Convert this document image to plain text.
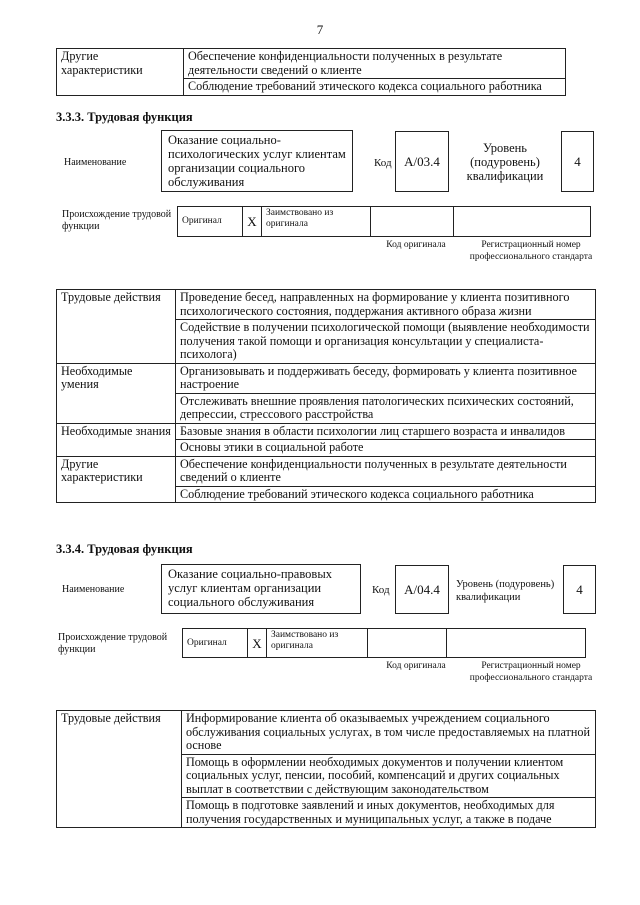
7
Другие характеристики	Обеспечение конфиденциальности полученных в результате деятельности сведений о клиенте
Соблюдение требований этического кодекса социального работника
3.3.3. Трудовая функция
Наименование
Оказание социально-психологических услуг клиентам организации социального обслуживания
Код A/03.4
Уровень (подуровень) квалификации
4
Происхождение трудовой функции	Оригинал	X	Заимствовано из оригинала		
Код оригинала	Регистрационный номер профессионального стандарта
Трудовые действия	Проведение бесед, направленных на формирование у клиента позитивного психологического состояния, поддержания активного образа жизни
	Содействие в получении психологической помощи (выявление необходимости получения такой помощи и организация консультации у специалиста-психолога)
Необходимые умения	Организовывать и поддерживать беседу, формировать у клиента позитивное настроение
	Отслеживать внешние проявления патологических психических состояний, депрессии, стрессового расстройства
Необходимые знания	Базовые знания в области психологии лиц старшего возраста и инвалидов
	Основы этики в социальной работе
Другие характеристики	Обеспечение конфиденциальности полученных в результате деятельности сведений о клиенте
	Соблюдение требований этического кодекса социального работника
3.3.4. Трудовая функция
Наименование
Оказание социально-правовых услуг клиентам организации социального обслуживания
Код	A/04.4	Уровень (подуровень) квалификации
4
Происхождение трудовой функции
Оригинал	X	Заимствовано из оригинала		
Код оригинала	Регистрационный номер профессионального стандарта
Трудовые действия	Информирование клиента об оказываемых учреждением социального обслуживания социальных услугах, в том числе предоставляемых на платной основе
Помощь в оформлении необходимых документов и получении клиентом социальных услуг, пенсии, пособий, компенсаций и других социальных выплат в соответствии с действующим законодательством
Помощь в подготовке заявлений и иных документов, необходимых для получения государственных и муниципальных услуг, а также в подаче
